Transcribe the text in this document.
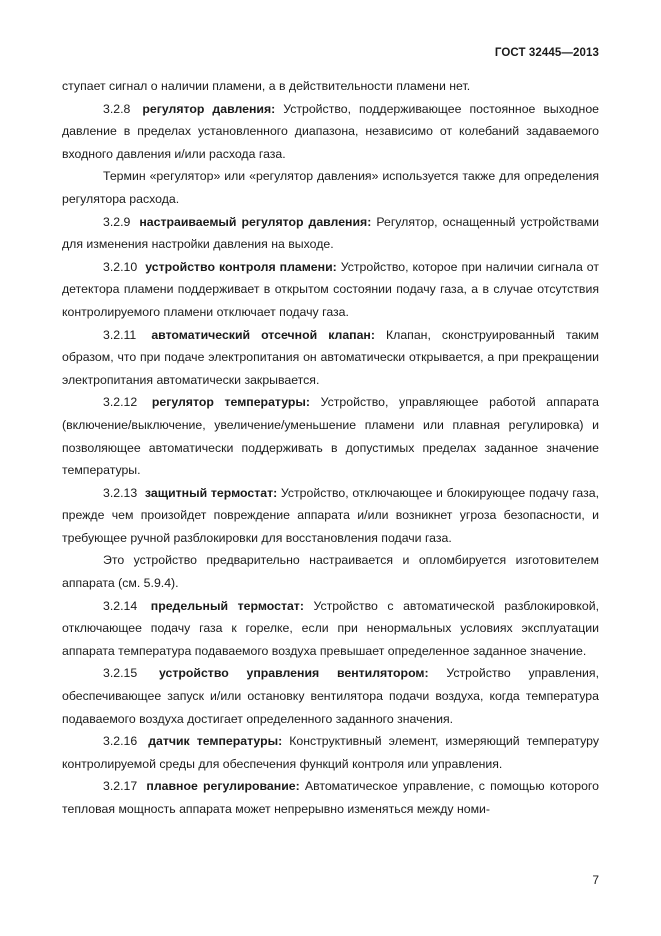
ГОСТ 32445—2013

ступает сигнал о наличии пламени, а в действительности пламени нет.

3.2.8 регулятор давления: Устройство, поддерживающее постоянное выходное давление в пределах установленного диапазона, независимо от колебаний задаваемого входного давления и/или расхода газа.

Термин «регулятор» или «регулятор давления» используется также для определения регулятора расхода.

3.2.9 настраиваемый регулятор давления: Регулятор, оснащенный устройствами для изменения настройки давления на выходе.

3.2.10 устройство контроля пламени: Устройство, которое при наличии сигнала от детектора пламени поддерживает в открытом состоянии подачу газа, а в случае отсутствия контролируемого пламени отключает подачу газа.

3.2.11 автоматический отсечной клапан: Клапан, сконструированный таким образом, что при подаче электропитания он автоматически открывается, а при прекращении электропитания автоматически закрывается.

3.2.12 регулятор температуры: Устройство, управляющее работой аппарата (включение/выключение, увеличение/уменьшение пламени или плавная регулировка) и позволяющее автоматически поддерживать в допустимых пределах заданное значение температуры.

3.2.13 защитный термостат: Устройство, отключающее и блокирующее подачу газа, прежде чем произойдет повреждение аппарата и/или возникнет угроза безопасности, и требующее ручной разблокировки для восстановления подачи газа.

Это устройство предварительно настраивается и опломбируется изготовителем аппарата (см. 5.9.4).

3.2.14 предельный термостат: Устройство с автоматической разблокировкой, отключающее подачу газа к горелке, если при ненормальных условиях эксплуатации аппарата температура подаваемого воздуха превышает определенное заданное значение.

3.2.15 устройство управления вентилятором: Устройство управления, обеспечивающее запуск и/или остановку вентилятора подачи воздуха, когда температура подаваемого воздуха достигает определенного заданного значения.

3.2.16 датчик температуры: Конструктивный элемент, измеряющий температуру контролируемой среды для обеспечения функций контроля или управления.

3.2.17 плавное регулирование: Автоматическое управление, с помощью которого тепловая мощность аппарата может непрерывно изменяться между номи-

7
